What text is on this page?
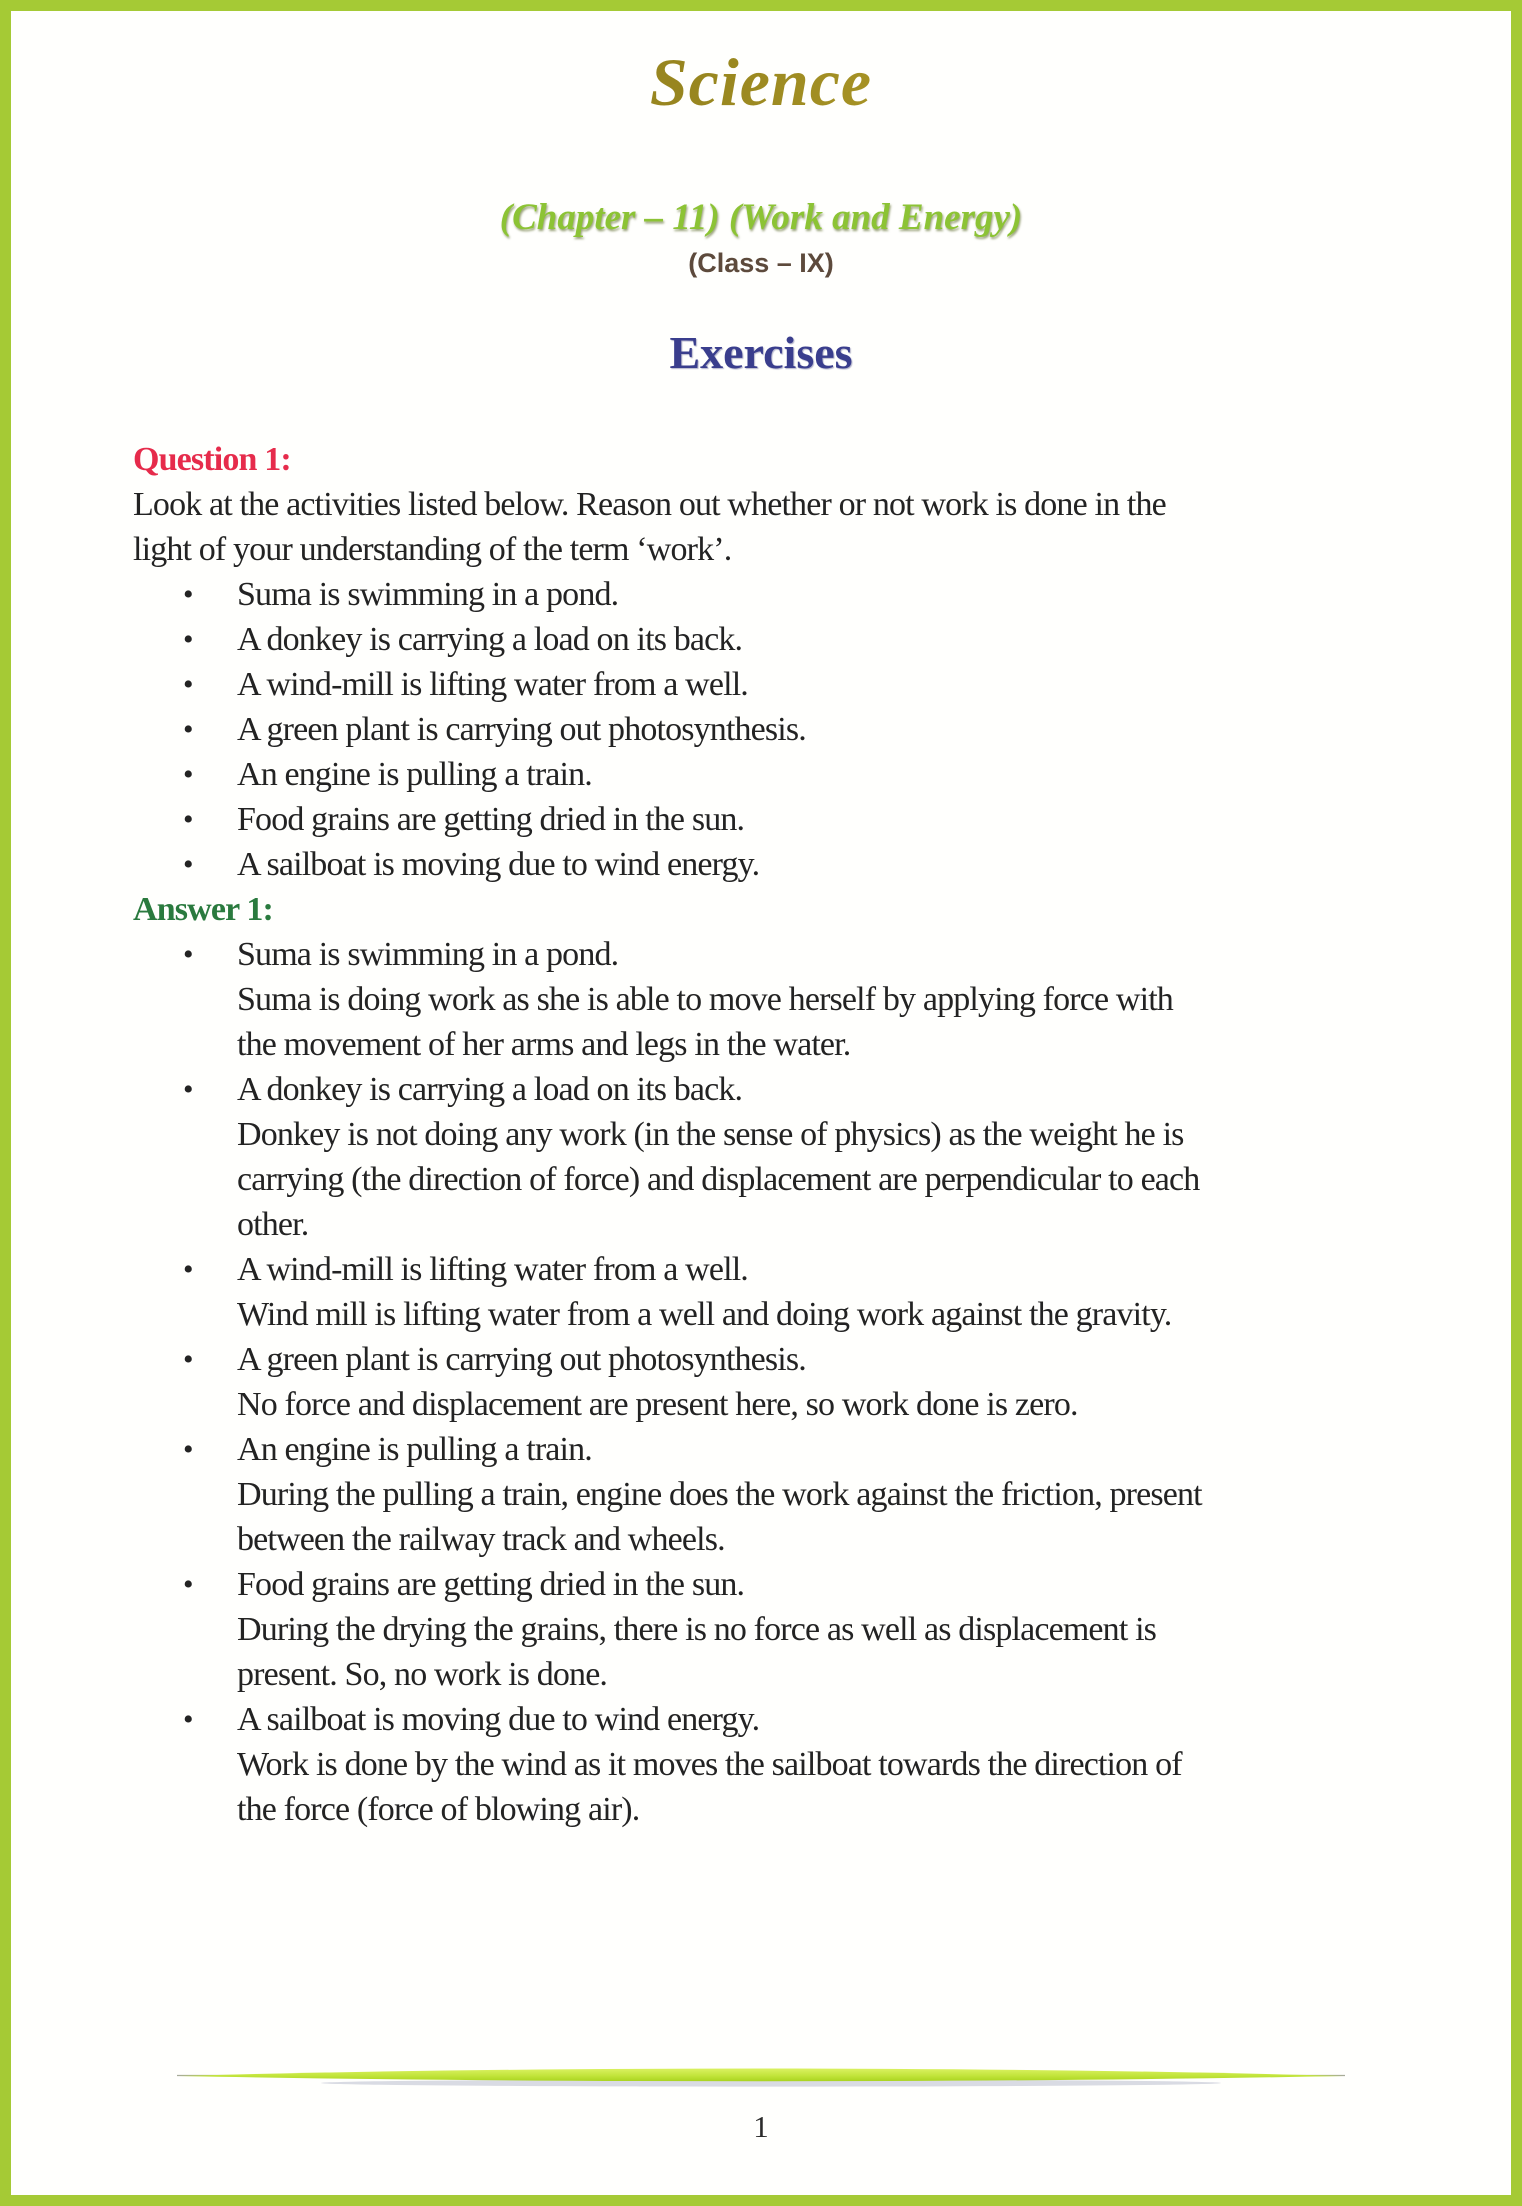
Science
(Chapter – 11) (Work and Energy)
(Class – IX)
Exercises
Question 1:
Look at the activities listed below. Reason out whether or not work is done in the
light of your understanding of the term ‘work’.
• Suma is swimming in a pond.
• A donkey is carrying a load on its back.
• A wind-mill is lifting water from a well.
• A green plant is carrying out photosynthesis.
• An engine is pulling a train.
• Food grains are getting dried in the sun.
• A sailboat is moving due to wind energy.
Answer 1:
• Suma is swimming in a pond.
Suma is doing work as she is able to move herself by applying force with
the movement of her arms and legs in the water.
• A donkey is carrying a load on its back.
Donkey is not doing any work (in the sense of physics) as the weight he is
carrying (the direction of force) and displacement are perpendicular to each
other.
• A wind-mill is lifting water from a well.
Wind mill is lifting water from a well and doing work against the gravity.
• A green plant is carrying out photosynthesis.
No force and displacement are present here, so work done is zero.
• An engine is pulling a train.
During the pulling a train, engine does the work against the friction, present
between the railway track and wheels.
• Food grains are getting dried in the sun.
During the drying the grains, there is no force as well as displacement is
present. So, no work is done.
• A sailboat is moving due to wind energy.
Work is done by the wind as it moves the sailboat towards the direction of
the force (force of blowing air).
1
